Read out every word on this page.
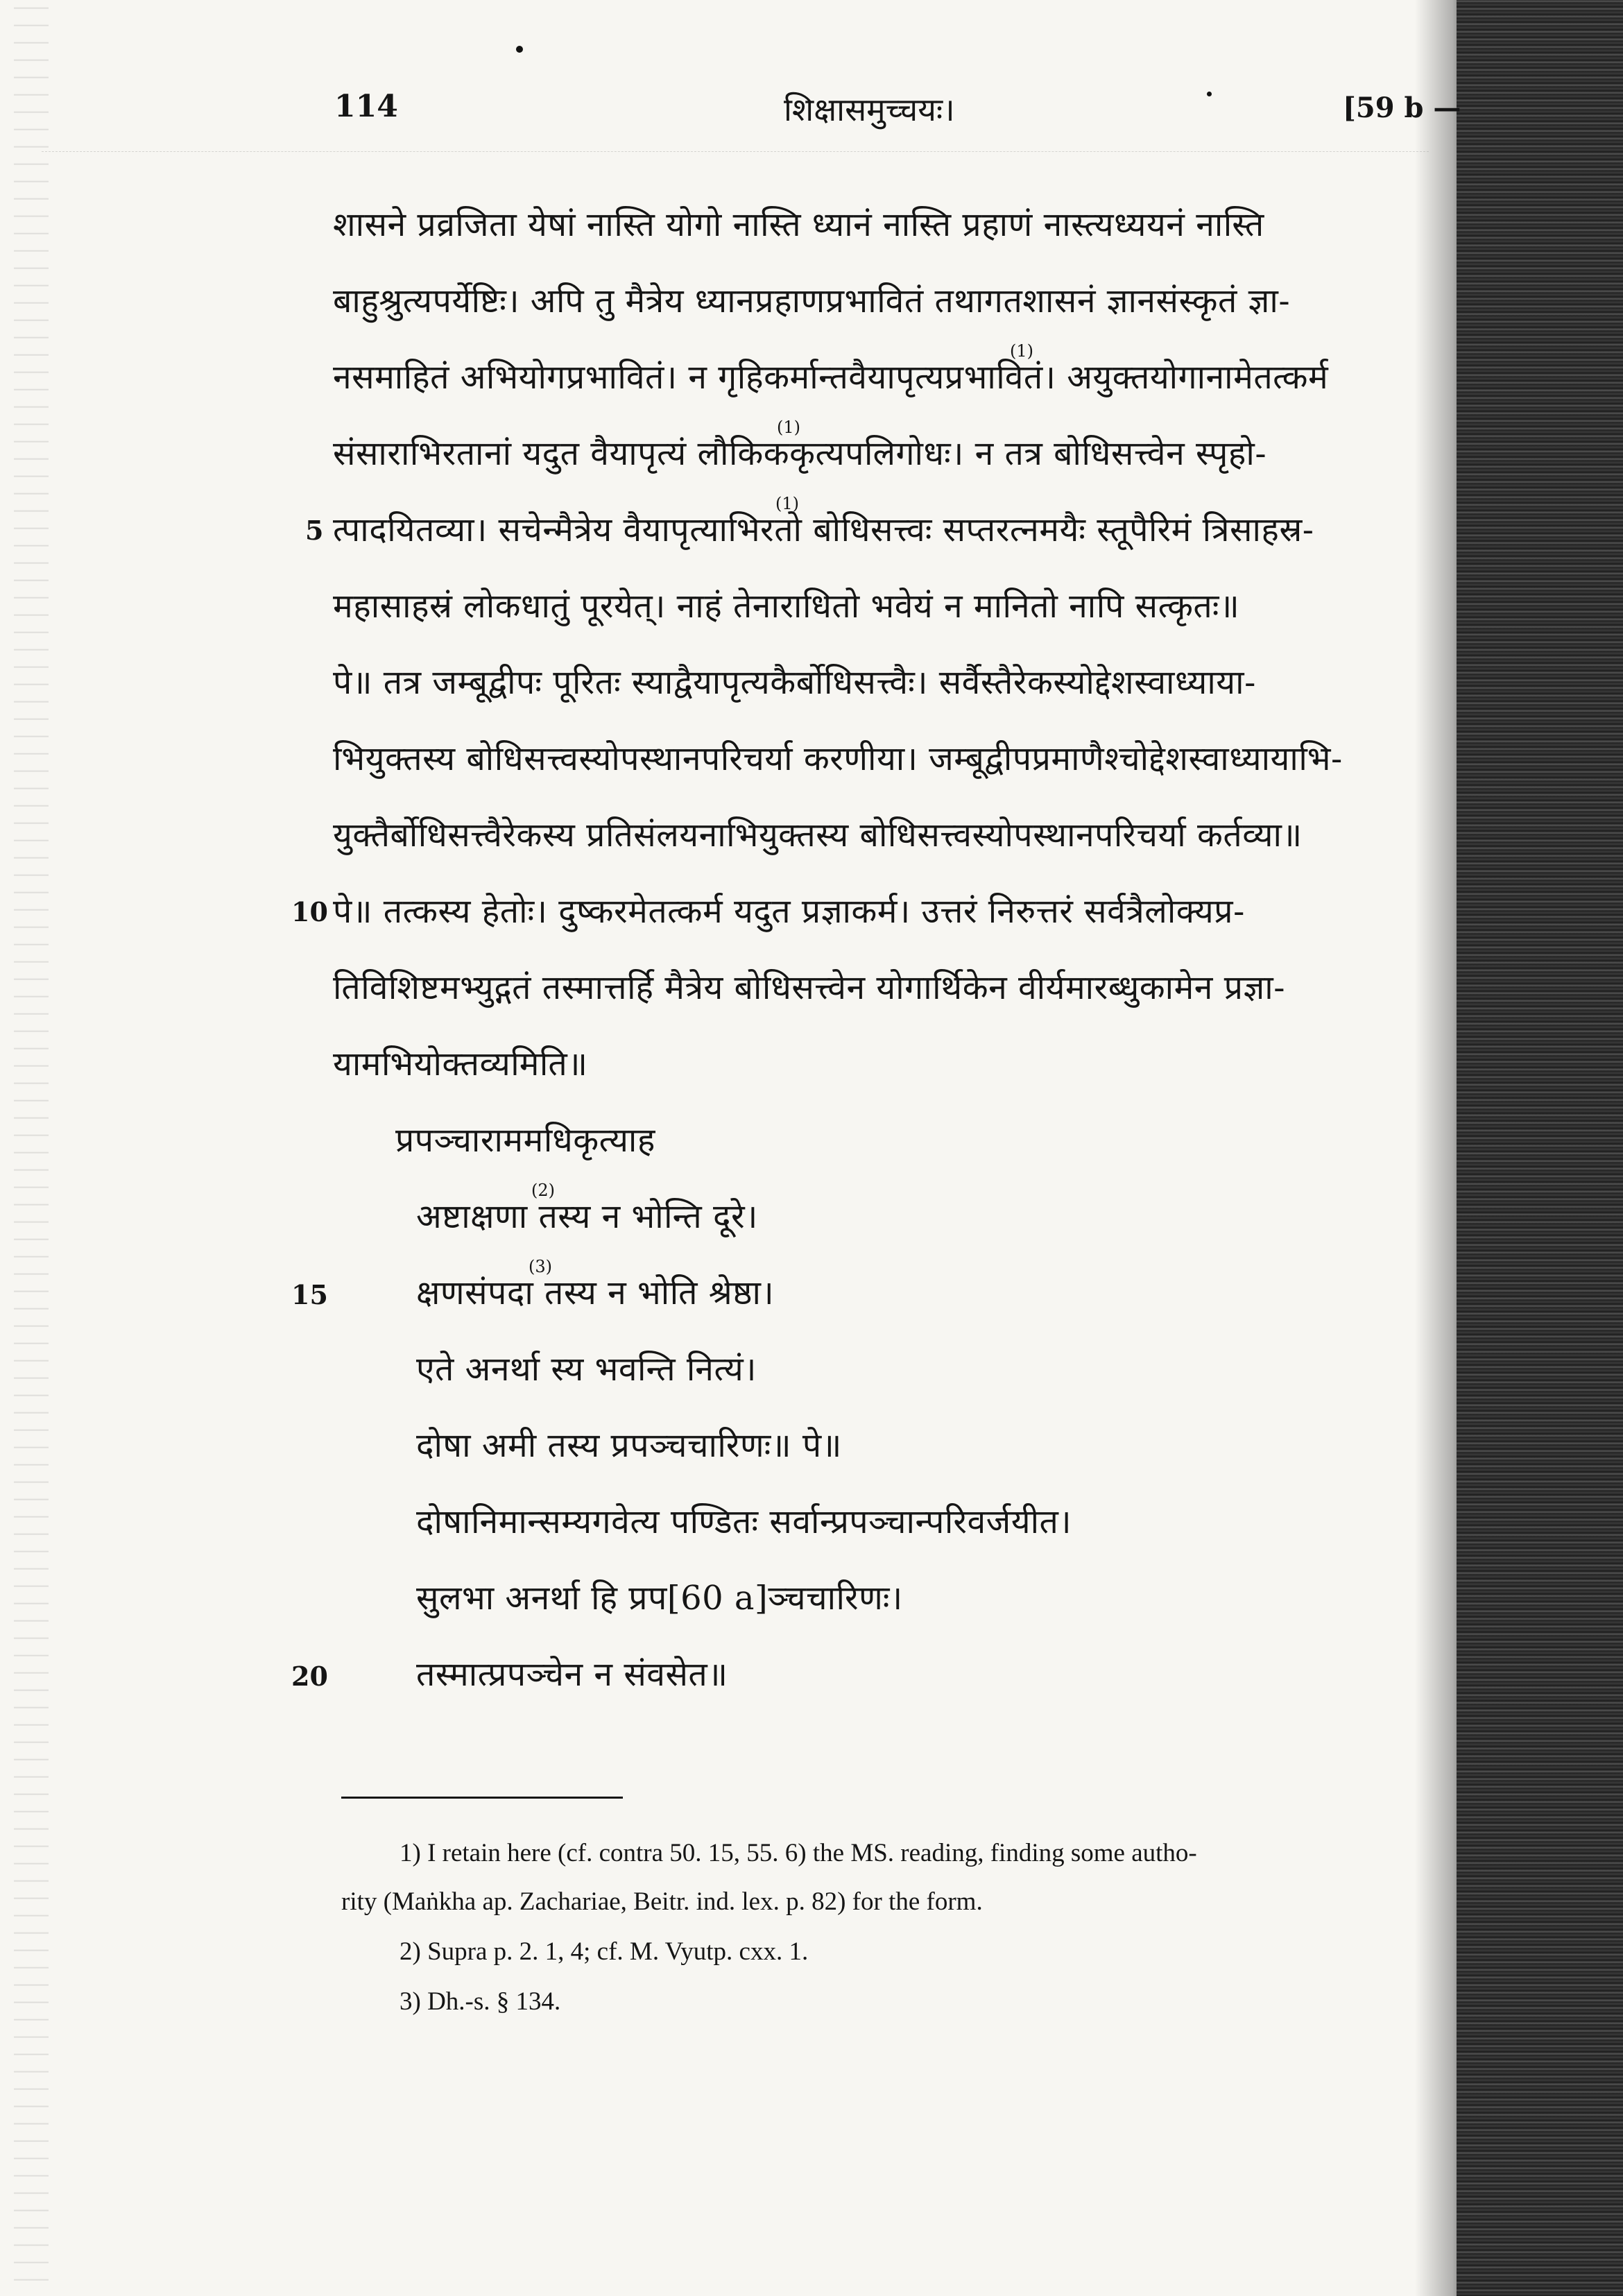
114	शिक्षासमुच्चयः।	[59 b —
शासने प्रव्रजिता येषां नास्ति योगो नास्ति ध्यानं नास्ति प्रहाणं नास्त्यध्ययनं नास्ति
बाहुश्रुत्यपर्येष्टिः। अपि तु मैत्रेय ध्यानप्रहाणप्रभावितं तथागतशासनं ज्ञानसंस्कृतं ज्ञा-
नसमाहितं अभियोगप्रभावितं। न गृहिकर्मान्तवैयापृत्यप्रभावितं। अयुक्तयोगानामेतत्कर्म
संसाराभिरतानां यदुत वैयापृत्यं लौकिककृत्यपलिगोधः। न तत्र बोधिसत्त्वेन स्पृहो-
त्पादयितव्या। सचेन्मैत्रेय वैयापृत्याभिरतो बोधिसत्त्वः सप्तरत्नमयैः स्तूपैरिमं त्रिसाहस्र-
महासाहस्रं लोकधातुं पूरयेत्। नाहं तेनाराधितो भवेयं न मानितो नापि सत्कृतः॥
पे॥ तत्र जम्बूद्वीपः पूरितः स्याद्वैयापृत्यकैर्बोधिसत्त्वैः। सर्वैस्तैरेकस्योद्देशस्वाध्याया-
भियुक्तस्य बोधिसत्त्वस्योपस्थानपरिचर्या करणीया। जम्बूद्वीपप्रमाणैश्चोद्देशस्वाध्यायाभि-
युक्तैर्बोधिसत्त्वैरेकस्य प्रतिसंलयनाभियुक्तस्य बोधिसत्त्वस्योपस्थानपरिचर्या कर्तव्या॥
पे॥ तत्कस्य हेतोः। दुष्करमेतत्कर्म यदुत प्रज्ञाकर्म। उत्तरं निरुत्तरं सर्वत्रैलोक्यप्र-
तिविशिष्टमभ्युद्गतं तस्मात्तर्हि मैत्रेय बोधिसत्त्वेन योगार्थिकेन वीर्यमारब्धुकामेन प्रज्ञा-
यामभियोक्तव्यमिति॥
प्रपञ्चाराममधिकृत्याह
अष्टाक्षणा तस्य न भोन्ति दूरे।
क्षणसंपदा तस्य न भोति श्रेष्ठा।
एते अनर्था स्य भवन्ति नित्यं।
दोषा अमी तस्य प्रपञ्चचारिणः॥ पे॥
दोषानिमान्सम्यगवेत्य पण्डितः सर्वान्प्रपञ्चान्परिवर्जयीत।
सुलभा अनर्था हि प्रप[60 a]ञ्चचारिणः।
तस्मात्प्रपञ्चेन न संवसेत॥
5
10
15
20
(1)
(1)
(1)
(2)
(3)
1) I retain here (cf. contra 50. 15, 55. 6) the MS. reading, finding some autho-
rity (Maṅkha ap. Zachariae, Beitr. ind. lex. p. 82) for the form.
2) Supra p. 2. 1, 4; cf. M. Vyutp. cxx. 1.
3) Dh.-s. § 134.
